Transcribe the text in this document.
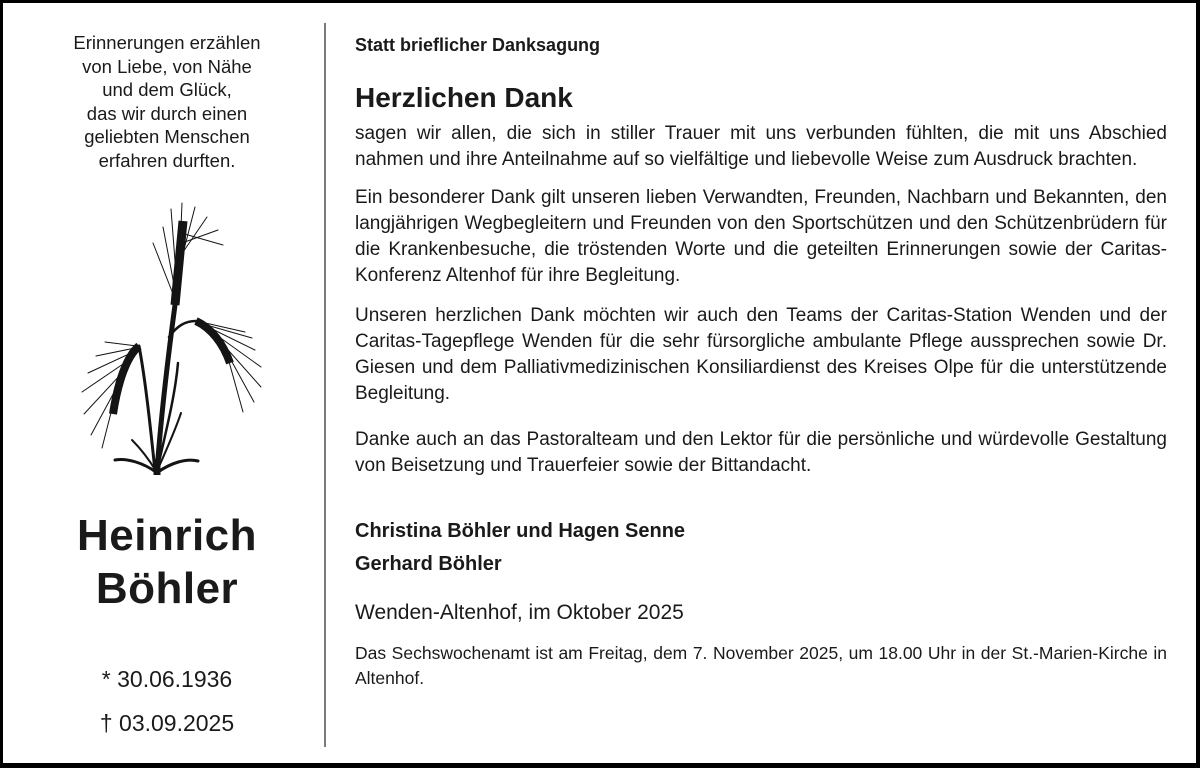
Erinnerungen erzählen
von Liebe, von Nähe
und dem Glück,
das wir durch einen
geliebten Menschen
erfahren durften.
Heinrich
Böhler
* 30.06.1936
† 03.09.2025
Statt brieflicher Danksagung
Herzlichen Dank

sagen wir allen, die sich in stiller Trauer mit uns verbunden fühlten, die mit uns Abschied nahmen und ihre Anteilnahme auf so vielfältige und liebevolle Weise zum Ausdruck brachten.

Ein besonderer Dank gilt unseren lieben Verwandten, Freunden, Nachbarn und Bekannten, den langjährigen Wegbegleitern und Freunden von den Sportschützen und den Schützenbrüdern für die Krankenbesuche, die tröstenden Worte und die geteilten Erinnerungen sowie der Caritas-Konferenz Altenhof für ihre Begleitung.

Unseren herzlichen Dank möchten wir auch den Teams der Caritas-Station Wenden und der Caritas-Tagepflege Wenden für die sehr fürsorgliche ambulante Pflege aussprechen sowie Dr. Giesen und dem Palliativmedizinischen Konsiliardienst des Kreises Olpe für die unterstützende Begleitung.

Danke auch an das Pastoralteam und den Lektor für die persönliche und würdevolle Gestaltung von Beisetzung und Trauerfeier sowie der Bittandacht.

Christina Böhler und Hagen Senne
Gerhard Böhler
Wenden-Altenhof, im Oktober 2025

Das Sechswochenamt ist am Freitag, dem 7. November 2025, um 18.00 Uhr in der St.-Marien-Kirche in Altenhof.
